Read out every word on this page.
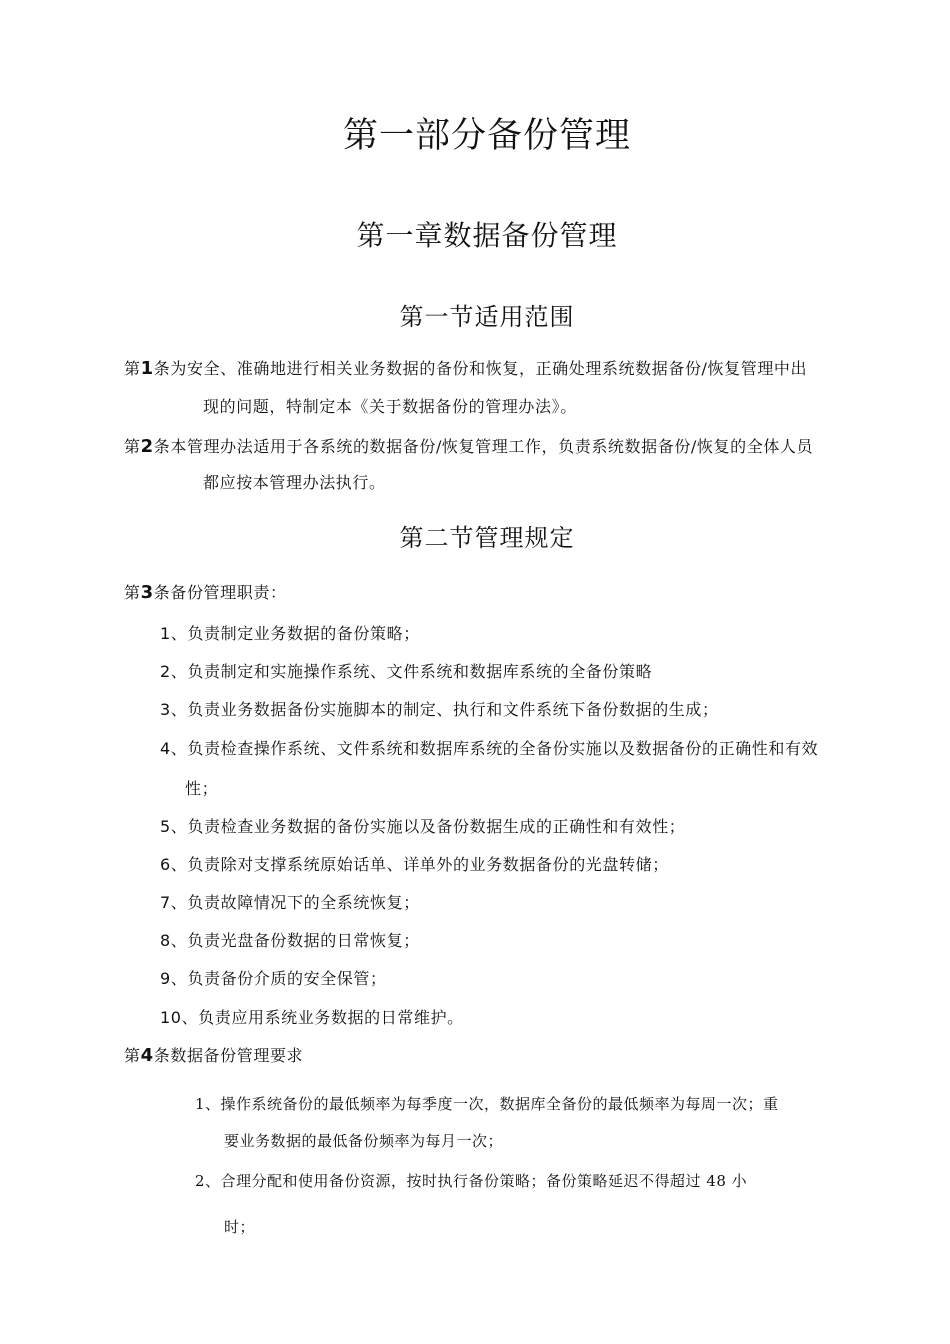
第一部分备份管理
第一章数据备份管理
第一节适用范围
第1条为安全、准确地进行相关业务数据的备份和恢复，正确处理系统数据备份/恢复管理中出
现的问题，特制定本《关于数据备份的管理办法》。
第2条本管理办法适用于各系统的数据备份/恢复管理工作，负责系统数据备份/恢复的全体人员
都应按本管理办法执行。
第二节管理规定
第3条备份管理职责：
1、负责制定业务数据的备份策略；
2、负责制定和实施操作系统、文件系统和数据库系统的全备份策略
3、负责业务数据备份实施脚本的制定、执行和文件系统下备份数据的生成；
4、负责检查操作系统、文件系统和数据库系统的全备份实施以及数据备份的正确性和有效
性；
5、负责检查业务数据的备份实施以及备份数据生成的正确性和有效性；
6、负责除对支撑系统原始话单、详单外的业务数据备份的光盘转储；
7、负责故障情况下的全系统恢复；
8、负责光盘备份数据的日常恢复；
9、负责备份介质的安全保管；
10、负责应用系统业务数据的日常维护。
第4条数据备份管理要求
1、操作系统备份的最低频率为每季度一次，数据库全备份的最低频率为每周一次；重
要业务数据的最低备份频率为每月一次；
2、合理分配和使用备份资源，按时执行备份策略；备份策略延迟不得超过 48 小
时；
